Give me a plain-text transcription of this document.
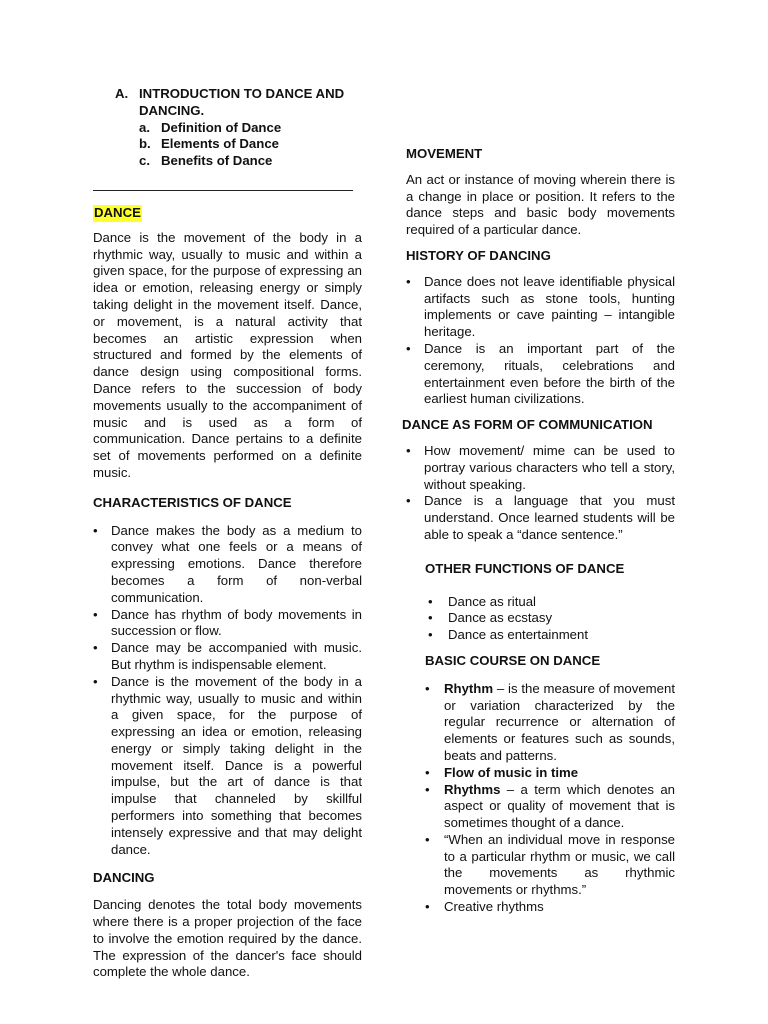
A. INTRODUCTION TO DANCE AND
DANCING.
a. Definition of Dance
b. Elements of Dance
c. Benefits of Dance
DANCE

Dance is the movement of the body in a rhythmic way, usually to music and within a given space, for the purpose of expressing an idea or emotion, releasing energy or simply taking delight in the movement itself. Dance, or movement, is a natural activity that becomes an artistic expression when structured and formed by the elements of dance design using compositional forms. Dance refers to the succession of body movements usually to the accompaniment of music and is used as a form of communication. Dance pertains to a definite set of movements performed on a definite music.

CHARACTERISTICS OF DANCE
• Dance makes the body as a medium to convey what one feels or a means of expressing emotions. Dance therefore becomes a form of non-verbal communication.
• Dance has rhythm of body movements in succession or flow.
• Dance may be accompanied with music. But rhythm is indispensable element.
• Dance is the movement of the body in a rhythmic way, usually to music and within a given space, for the purpose of expressing an idea or emotion, releasing energy or simply taking delight in the movement itself. Dance is a powerful impulse, but the art of dance is that impulse that channeled by skillful performers into something that becomes intensely expressive and that may delight dance.
DANCING

Dancing denotes the total body movements where there is a proper projection of the face to involve the emotion required by the dance. The expression of the dancer's face should complete the whole dance.

MOVEMENT

An act or instance of moving wherein there is a change in place or position. It refers to the dance steps and basic body movements required of a particular dance.

HISTORY OF DANCING
• Dance does not leave identifiable physical artifacts such as stone tools, hunting implements or cave painting – intangible heritage.
• Dance is an important part of the ceremony, rituals, celebrations and entertainment even before the birth of the earliest human civilizations.
DANCE AS FORM OF COMMUNICATION
• How movement/ mime can be used to portray various characters who tell a story, without speaking.
• Dance is a language that you must understand. Once learned students will be able to speak a “dance sentence.”
OTHER FUNCTIONS OF DANCE
• Dance as ritual
• Dance as ecstasy
• Dance as entertainment
BASIC COURSE ON DANCE
• Rhythm – is the measure of movement or variation characterized by the regular recurrence or alternation of elements or features such as sounds, beats and patterns.
• Flow of music in time
• Rhythms – a term which denotes an aspect or quality of movement that is sometimes thought of a dance.
• “When an individual move in response to a particular rhythm or music, we call the movements as rhythmic movements or rhythms.”
• Creative rhythms
